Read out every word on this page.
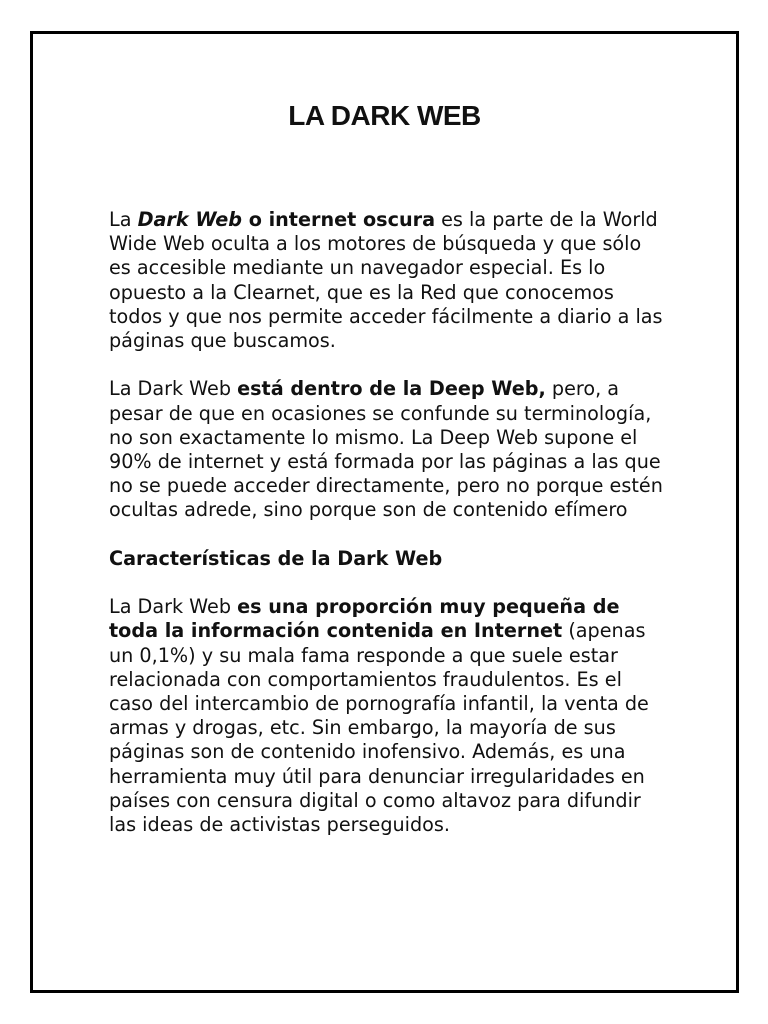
LA DARK WEB

La Dark Web o internet oscura es la parte de la World Wide Web oculta a los motores de búsqueda y que sólo es accesible mediante un navegador especial. Es lo opuesto a la Clearnet, que es la Red que conocemos todos y que nos permite acceder fácilmente a diario a las páginas que buscamos.

La Dark Web está dentro de la Deep Web, pero, a pesar de que en ocasiones se confunde su terminología, no son exactamente lo mismo. La Deep Web supone el 90% de internet y está formada por las páginas a las que no se puede acceder directamente, pero no porque estén ocultas adrede, sino porque son de contenido efímero

Características de la Dark Web

La Dark Web es una proporción muy pequeña de toda la información contenida en Internet (apenas un 0,1%) y su mala fama responde a que suele estar relacionada con comportamientos fraudulentos. Es el caso del intercambio de pornografía infantil, la venta de armas y drogas, etc. Sin embargo, la mayoría de sus páginas son de contenido inofensivo. Además, es una herramienta muy útil para denunciar irregularidades en países con censura digital o como altavoz para difundir las ideas de activistas perseguidos.
